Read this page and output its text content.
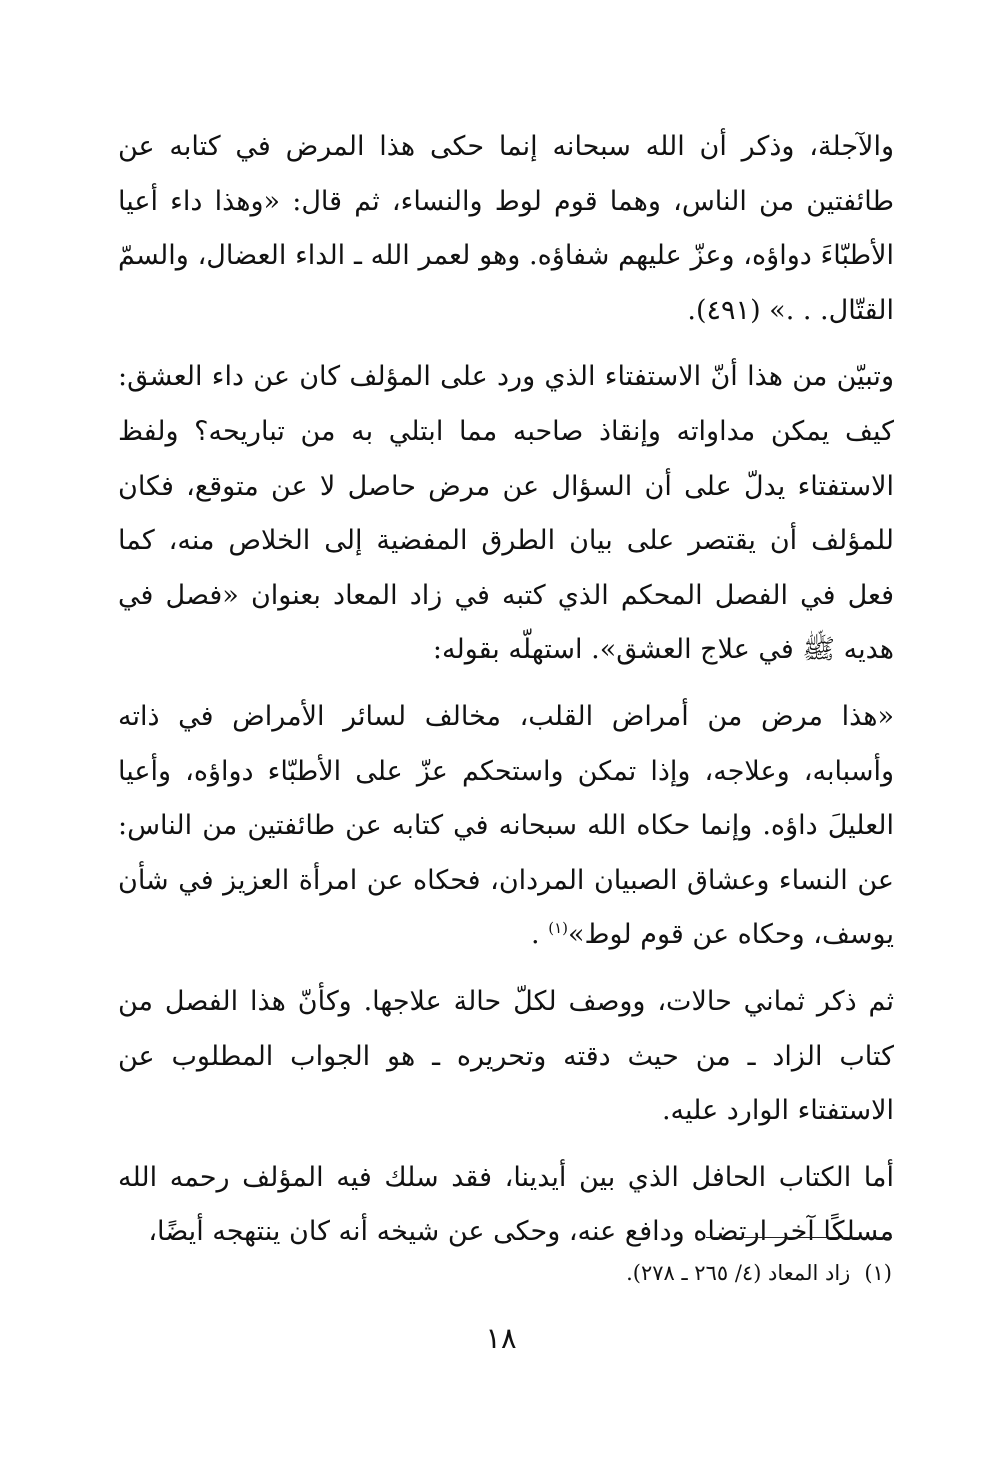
والآجلة، وذكر أن الله سبحانه إنما حكى هذا المرض في كتابه عن طائفتين من الناس، وهما قوم لوط والنساء، ثم قال: «وهذا داء أعيا الأطبّاءَ دواؤه، وعزّ عليهم شفاؤه. وهو لعمر الله ـ الداء العضال، والسمّ القتّال. . .» (٤٩١).

وتبيّن من هذا أنّ الاستفتاء الذي ورد على المؤلف كان عن داء العشق: كيف يمكن مداواته وإنقاذ صاحبه مما ابتلي به من تباريحه؟ ولفظ الاستفتاء يدلّ على أن السؤال عن مرض حاصل لا عن متوقع، فكان للمؤلف أن يقتصر على بيان الطرق المفضية إلى الخلاص منه، كما فعل في الفصل المحكم الذي كتبه في زاد المعاد بعنوان «فصل في هديه ﷺ في علاج العشق». استهلّه بقوله:

«هذا مرض من أمراض القلب، مخالف لسائر الأمراض في ذاته وأسبابه، وعلاجه، وإذا تمكن واستحكم عزّ على الأطبّاء دواؤه، وأعيا العليلَ داؤه. وإنما حكاه الله سبحانه في كتابه عن طائفتين من الناس: عن النساء وعشاق الصبيان المردان، فحكاه عن امرأة العزيز في شأن يوسف، وحكاه عن قوم لوط»$^{(١)}$ .

ثم ذكر ثماني حالات، ووصف لكلّ حالة علاجها. وكأنّ هذا الفصل من كتاب الزاد ـ من حيث دقته وتحريره ـ هو الجواب المطلوب عن الاستفتاء الوارد عليه.

أما الكتاب الحافل الذي بين أيدينا، فقد سلك فيه المؤلف رحمه الله مسلكًا آخر ارتضاه ودافع عنه، وحكى عن شيخه أنه كان ينتهجه أيضًا،

(١)زاد المعاد (٤/ ٢٦٥ ـ ٢٧٨).
١٨
